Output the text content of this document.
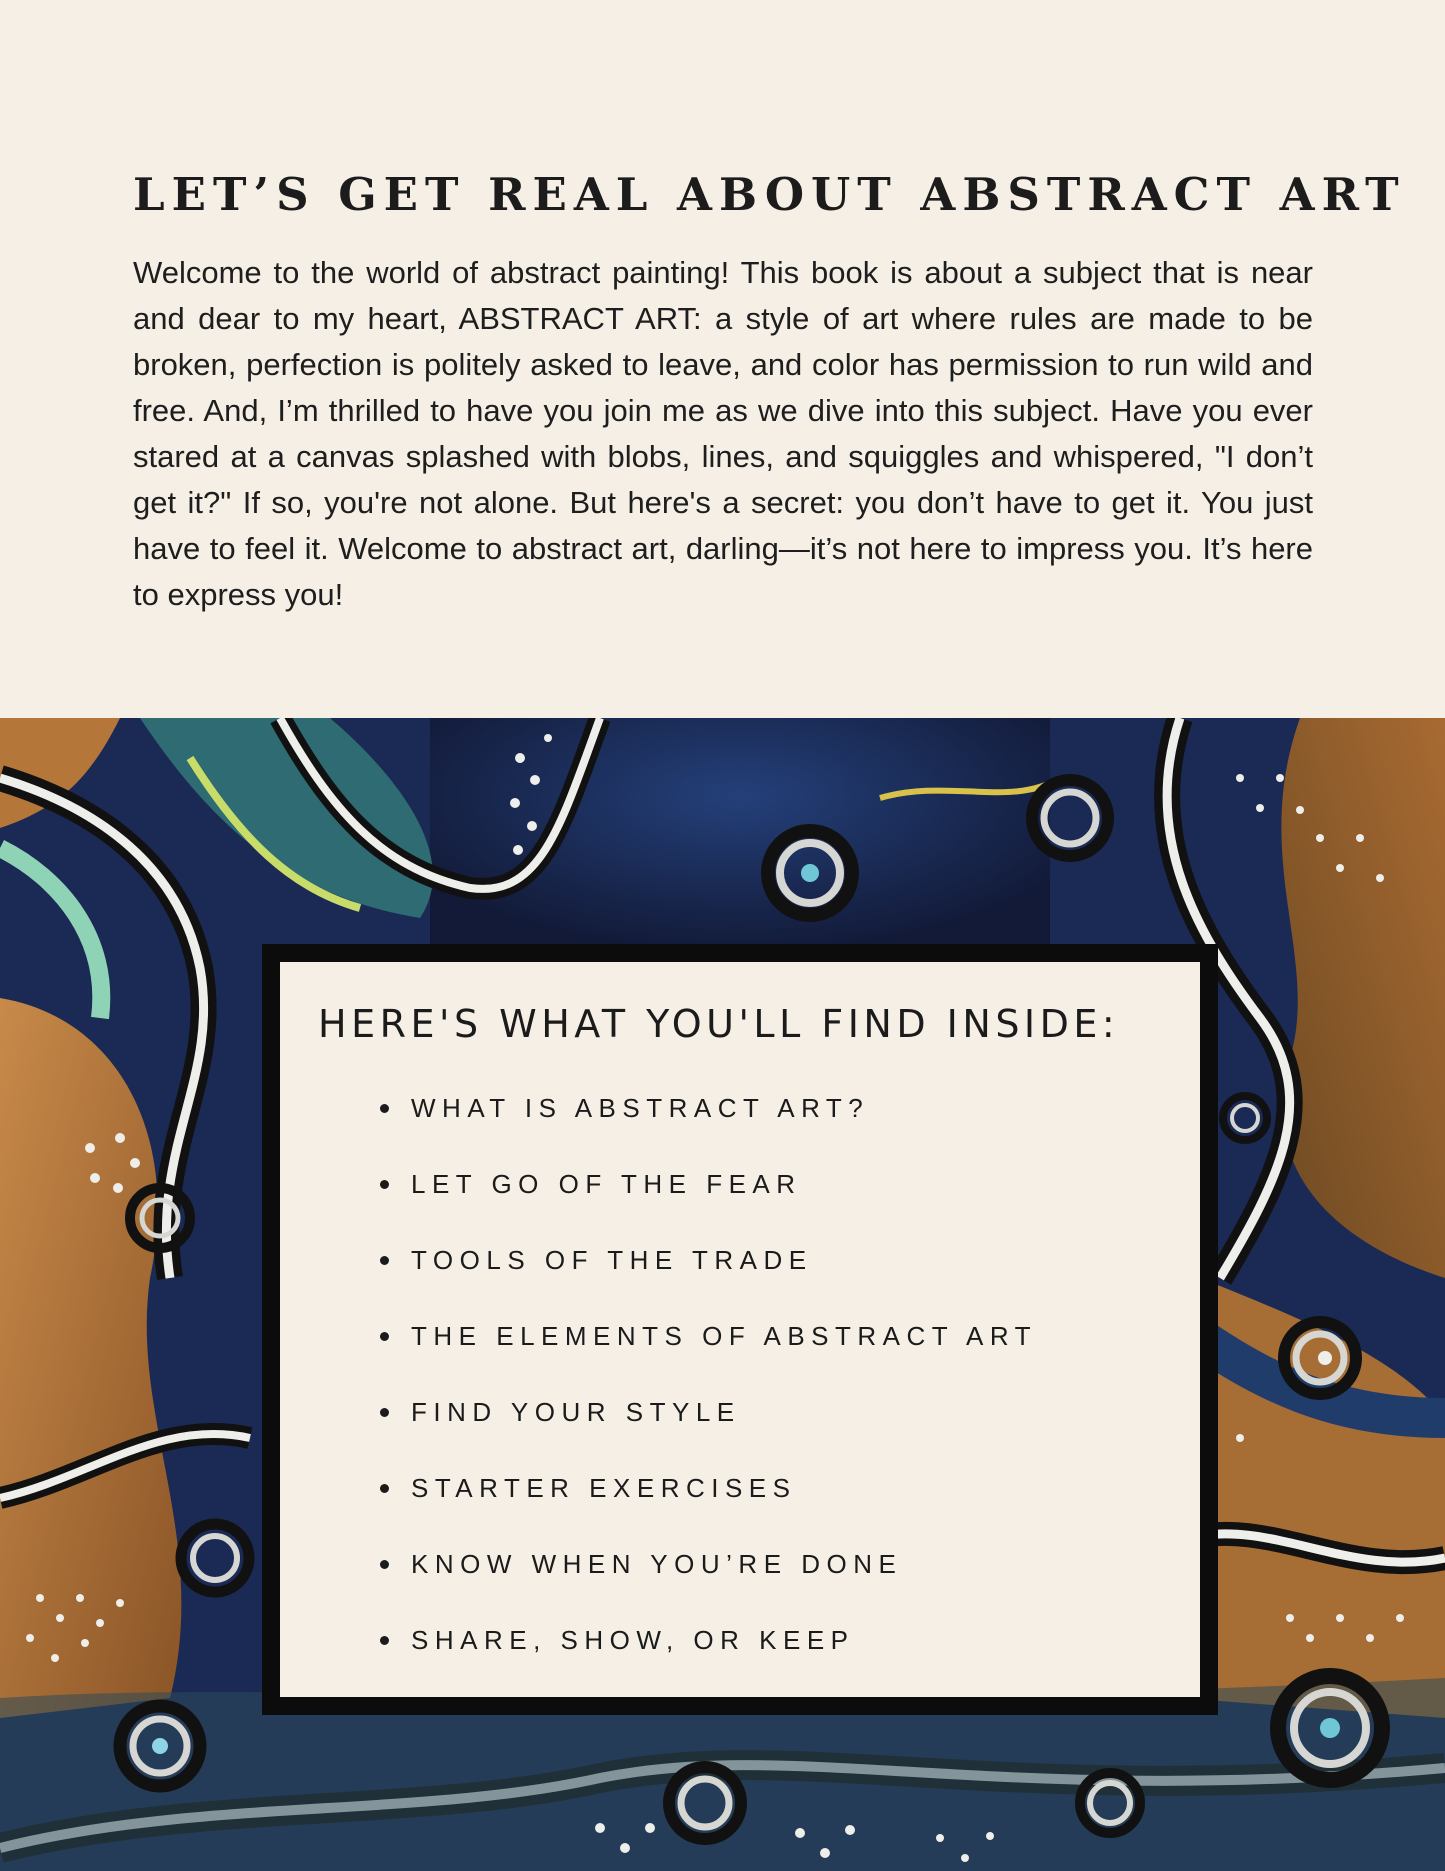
LET’S GET REAL ABOUT ABSTRACT ART

Welcome to the world of abstract painting! This book is about a subject that is near and dear to my heart, ABSTRACT ART: a style of art where rules are made to be broken, perfection is politely asked to leave, and color has permission to run wild and free. And, I’m thrilled to have you join me as we dive into this subject. Have you ever stared at a canvas splashed with blobs, lines, and squiggles and whispered, "I don’t get it?" If so, you're not alone. But here's a secret: you don’t have to get it. You just have to feel it. Welcome to abstract art, darling—it’s not here to impress you. It’s here to express you!

HERE'S WHAT YOU'LL FIND INSIDE:
WHAT IS ABSTRACT ART?
LET GO OF THE FEAR
TOOLS OF THE TRADE
THE ELEMENTS OF ABSTRACT ART
FIND YOUR STYLE
STARTER EXERCISES
KNOW WHEN YOU’RE DONE
SHARE, SHOW, OR KEEP
